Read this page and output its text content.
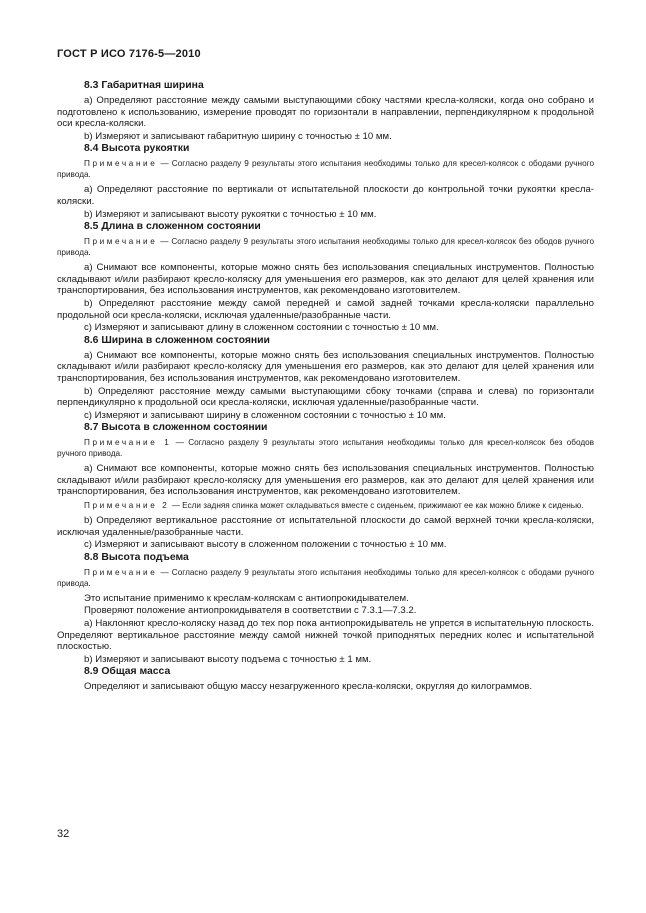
ГОСТ Р ИСО 7176-5—2010
8.3 Габаритная ширина
a) Определяют расстояние между самыми выступающими сбоку частями кресла-коляски, когда оно собрано и подготовлено к использованию, измерение проводят по горизонтали в направлении, перпендикулярном к продольной оси кресла-коляски.
b) Измеряют и записывают габаритную ширину с точностью ± 10 мм.
8.4 Высота рукоятки
Примечание — Согласно разделу 9 результаты этого испытания необходимы только для кресел-колясок с ободами ручного привода.
a) Определяют расстояние по вертикали от испытательной плоскости до контрольной точки рукоятки кресла-коляски.
b) Измеряют и записывают высоту рукоятки с точностью ± 10 мм.
8.5 Длина в сложенном состоянии
Примечание — Согласно разделу 9 результаты этого испытания необходимы только для кресел-колясок без ободов ручного привода.
a) Снимают все компоненты, которые можно снять без использования специальных инструментов. Полностью складывают и/или разбирают кресло-коляску для уменьшения его размеров, как это делают для целей хранения или транспортирования, без использования инструментов, как рекомендовано изготовителем.
b) Определяют расстояние между самой передней и самой задней точками кресла-коляски параллельно продольной оси кресла-коляски, исключая удаленные/разобранные части.
c) Измеряют и записывают длину в сложенном состоянии с точностью ± 10 мм.
8.6 Ширина в сложенном состоянии
a) Снимают все компоненты, которые можно снять без использования специальных инструментов. Полностью складывают и/или разбирают кресло-коляску для уменьшения его размеров, как это делают для целей хранения или транспортирования, без использования инструментов, как рекомендовано изготовителем.
b) Определяют расстояние между самыми выступающими сбоку точками (справа и слева) по горизонтали перпендикулярно к продольной оси кресла-коляски, исключая удаленные/разобранные части.
c) Измеряют и записывают ширину в сложенном состоянии с точностью ± 10 мм.
8.7 Высота в сложенном состоянии
Примечание 1 — Согласно разделу 9 результаты этого испытания необходимы только для кресел-колясок без ободов ручного привода.
a) Снимают все компоненты, которые можно снять без использования специальных инструментов. Полностью складывают и/или разбирают кресло-коляску для уменьшения его размеров, как это делают для целей хранения или транспортирования, без использования инструментов, как рекомендовано изготовителем.
Примечание 2 — Если задняя спинка может складываться вместе с сиденьем, прижимают ее как можно ближе к сиденью.
b) Определяют вертикальное расстояние от испытательной плоскости до самой верхней точки кресла-коляски, исключая удаленные/разобранные части.
c) Измеряют и записывают высоту в сложенном положении с точностью ± 10 мм.
8.8 Высота подъема
Примечание — Согласно разделу 9 результаты этого испытания необходимы только для кресел-колясок с ободами ручного привода.
Это испытание применимо к креслам-коляскам с антиопрокидывателем.
Проверяют положение антиопрокидывателя в соответствии с 7.3.1—7.3.2.
a) Наклоняют кресло-коляску назад до тех пор пока антиопрокидыватель не упрется в испытательную плоскость. Определяют вертикальное расстояние между самой нижней точкой приподнятых передних колес и испытательной плоскостью.
b) Измеряют и записывают высоту подъема с точностью ± 1 мм.
8.9 Общая масса
Определяют и записывают общую массу незагруженного кресла-коляски, округляя до килограммов.
32
